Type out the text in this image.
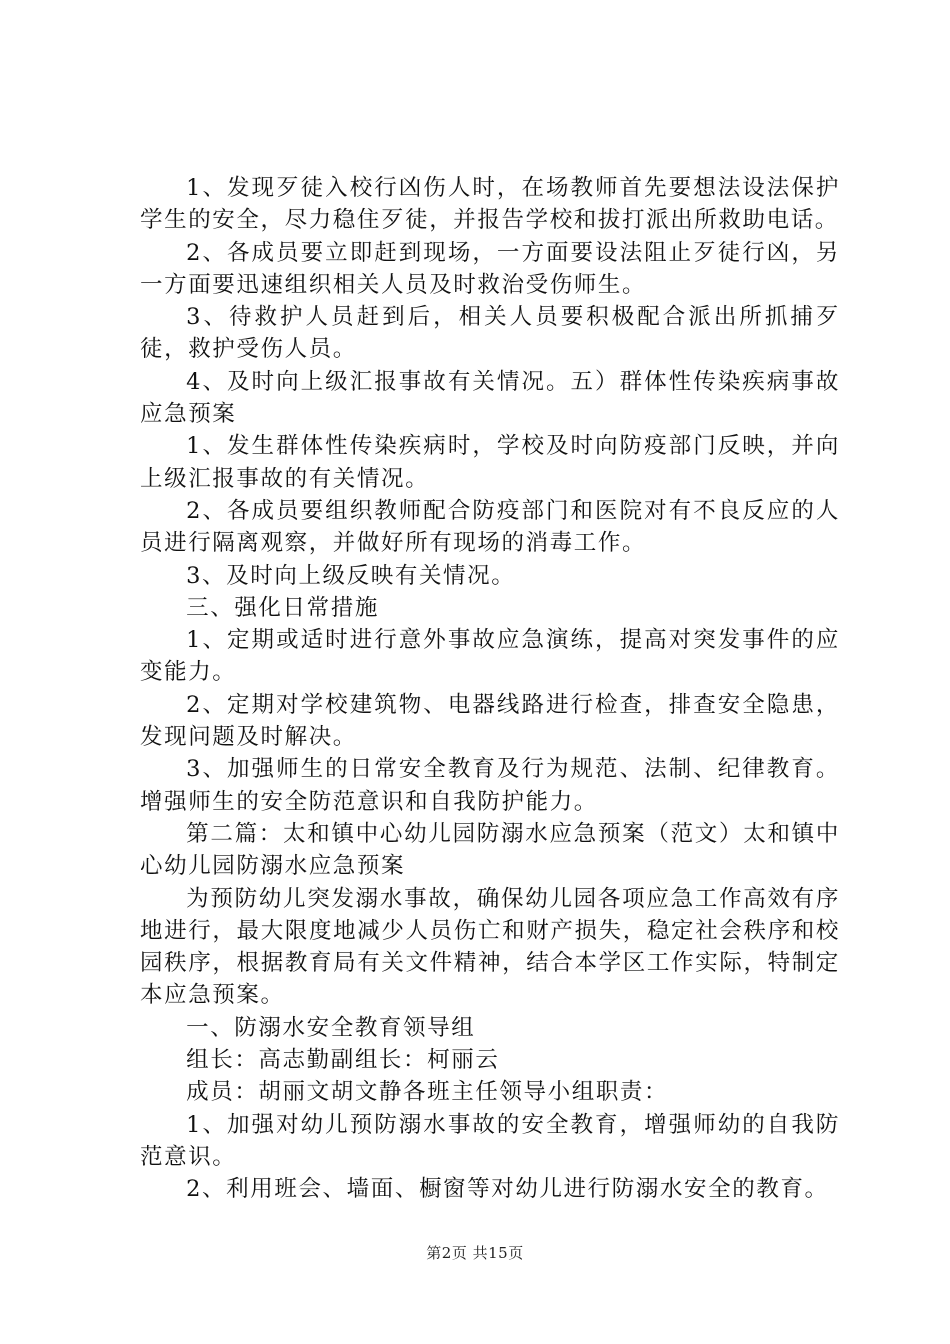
1、发现歹徒入校行凶伤人时，在场教师首先要想法设法保护学生的安全，尽力稳住歹徒，并报告学校和拔打派出所救助电话。

2、各成员要立即赶到现场，一方面要设法阻止歹徒行凶，另一方面要迅速组织相关人员及时救治受伤师生。

3、待救护人员赶到后，相关人员要积极配合派出所抓捕歹徒，救护受伤人员。

4、及时向上级汇报事故有关情况。五）群体性传染疾病事故应急预案

1、发生群体性传染疾病时，学校及时向防疫部门反映，并向上级汇报事故的有关情况。

2、各成员要组织教师配合防疫部门和医院对有不良反应的人员进行隔离观察，并做好所有现场的消毒工作。

3、及时向上级反映有关情况。

三、强化日常措施

1、定期或适时进行意外事故应急演练，提高对突发事件的应变能力。

2、定期对学校建筑物、电器线路进行检查，排查安全隐患，发现问题及时解决。

3、加强师生的日常安全教育及行为规范、法制、纪律教育。增强师生的安全防范意识和自我防护能力。

第二篇：太和镇中心幼儿园防溺水应急预案（范文）太和镇中心幼儿园防溺水应急预案

为预防幼儿突发溺水事故，确保幼儿园各项应急工作高效有序地进行，最大限度地减少人员伤亡和财产损失，稳定社会秩序和校园秩序，根据教育局有关文件精神，结合本学区工作实际，特制定本应急预案。

一、防溺水安全教育领导组

组长：高志勤副组长：柯丽云

成员：胡丽文胡文静各班主任领导小组职责：

1、加强对幼儿预防溺水事故的安全教育，增强师幼的自我防范意识。

2、利用班会、墙面、橱窗等对幼儿进行防溺水安全的教育。

第2页 共15页
